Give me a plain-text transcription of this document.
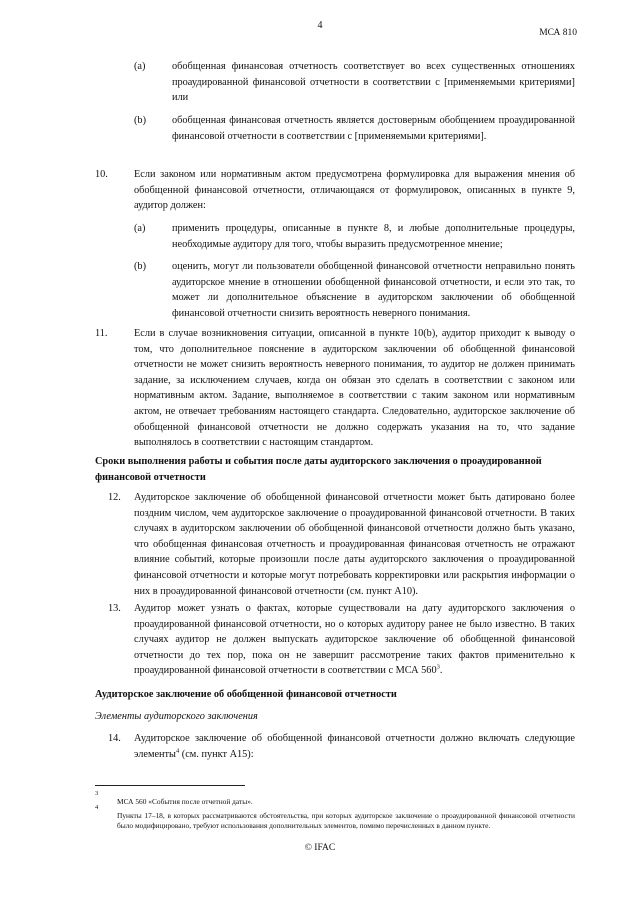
4
МСА 810
(a)	обобщенная финансовая отчетность соответствует во всех существенных отношениях проаудированной финансовой отчетности в соответствии с [применяемыми критериями] или
(b)	обобщенная финансовая отчетность является достоверным обобщением проаудированной финансовой отчетности в соответствии с [применяемыми критериями].
10.	Если законом или нормативным актом предусмотрена формулировка для выражения мнения об обобщенной финансовой отчетности, отличающаяся от формулировок, описанных в пункте 9, аудитор должен:
(a)	применить процедуры, описанные в пункте 8, и любые дополнительные процедуры, необходимые аудитору для того, чтобы выразить предусмотренное мнение;
(b)	оценить, могут ли пользователи обобщенной финансовой отчетности неправильно понять аудиторское мнение в отношении обобщенной финансовой отчетности, и если это так, то может ли дополнительное объяснение в аудиторском заключении об обобщенной финансовой отчетности снизить вероятность неверного понимания.
11.	Если в случае возникновения ситуации, описанной в пункте 10(b), аудитор приходит к выводу о том, что дополнительное пояснение в аудиторском заключении об обобщенной финансовой отчетности не может снизить вероятность неверного понимания, то аудитор не должен принимать задание, за исключением случаев, когда он обязан это сделать в соответствии с законом или нормативным актом. Задание, выполняемое в соответствии с таким законом или нормативным актом, не отвечает требованиям настоящего стандарта. Следовательно, аудиторское заключение об обобщенной финансовой отчетности не должно содержать указания на то, что задание выполнялось в соответствии с настоящим стандартом.
Сроки выполнения работы и события после даты аудиторского заключения о проаудированной финансовой отчетности
12. Аудиторское заключение об обобщенной финансовой отчетности может быть датировано более поздним числом, чем аудиторское заключение о проаудированной финансовой отчетности. В таких случаях в аудиторском заключении об обобщенной финансовой отчетности должно быть указано, что обобщенная финансовая отчетность и проаудированная финансовая отчетность не отражают влияние событий, которые произошли после даты аудиторского заключения о проаудированной финансовой отчетности и которые могут потребовать корректировки или раскрытия информации о них в проаудированной финансовой отчетности (см. пункт А10).
13. Аудитор может узнать о фактах, которые существовали на дату аудиторского заключения о проаудированной финансовой отчетности, но о которых аудитору ранее не было известно. В таких случаях аудитор не должен выпускать аудиторское заключение об обобщенной финансовой отчетности до тех пор, пока он не завершит рассмотрение таких фактов применительно к проаудированной финансовой отчетности в соответствии с МСА $560^3$.
Аудиторское заключение об обобщенной финансовой отчетности
Элементы аудиторского заключения
14. Аудиторское заключение об обобщенной финансовой отчетности должно включать следующие элементы$^4$ (см. пункт А15):
3
МСА 560 «События после отчетной даты».
4
Пункты 17–18, в которых рассматриваются обстоятельства, при которых аудиторское заключение о проаудированной финансовой отчетности было модифицировано, требуют использования дополнительных элементов, помимо перечисленных в данном пункте.
© IFAC
